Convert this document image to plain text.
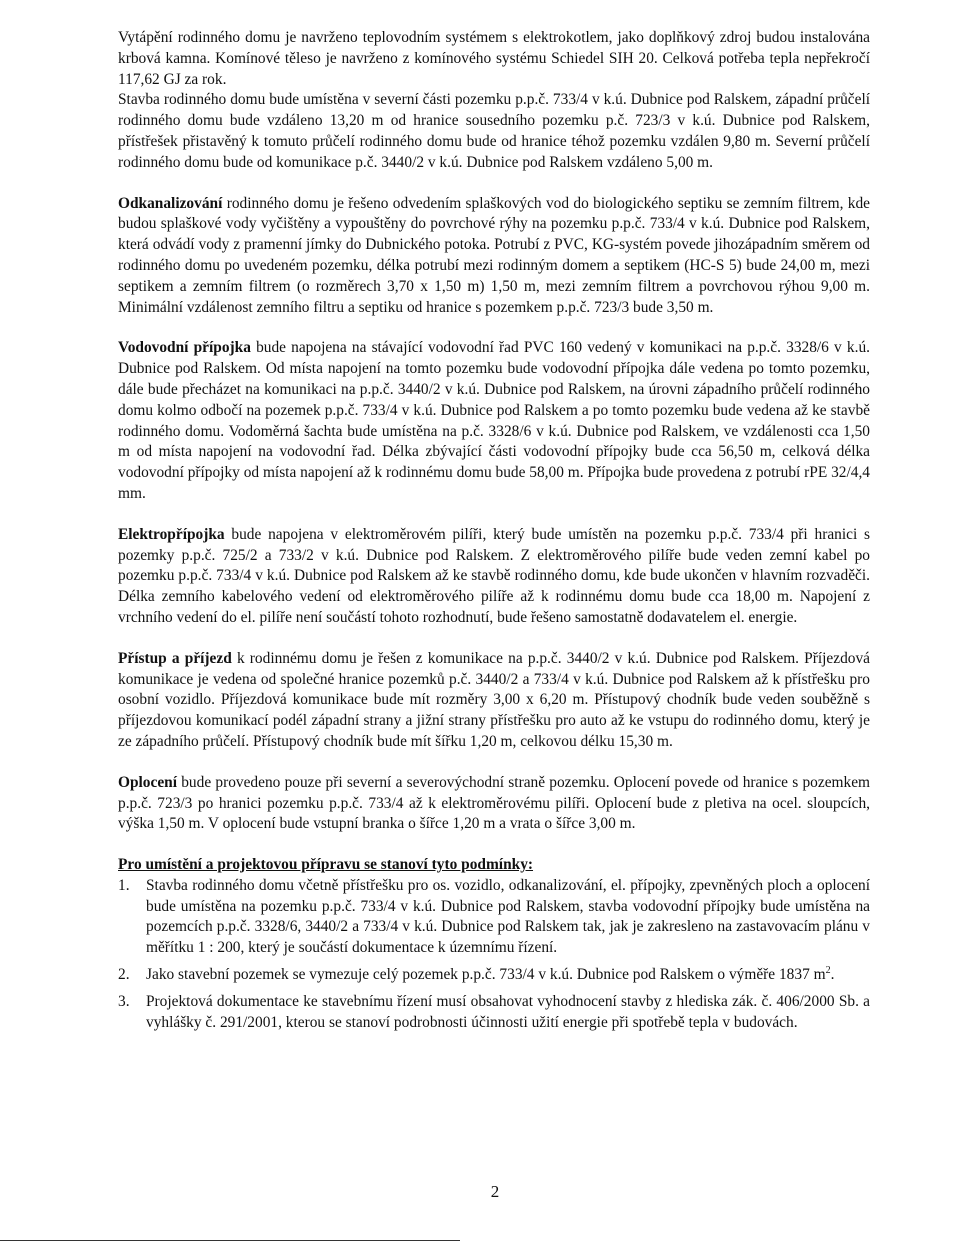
Vytápění rodinného domu je navrženo teplovodním systémem s elektrokotlem, jako doplňkový zdroj budou instalována krbová kamna. Komínové těleso je navrženo z komínového systému Schiedel SIH 20. Celková potřeba tepla nepřekročí 117,62 GJ za rok.

Stavba rodinného domu bude umístěna v severní části pozemku p.p.č. 733/4 v k.ú. Dubnice pod Ralskem, západní průčelí rodinného domu bude vzdáleno 13,20 m od hranice sousedního pozemku p.č. 723/3 v k.ú. Dubnice pod Ralskem, přístřešek přistavěný k tomuto průčelí rodinného domu bude od hranice téhož pozemku vzdálen 9,80 m. Severní průčelí rodinného domu bude od komunikace p.č. 3440/2 v k.ú. Dubnice pod Ralskem vzdáleno 5,00 m.

Odkanalizování rodinného domu je řešeno odvedením splaškových vod do biologického septiku se zemním filtrem, kde budou splaškové vody vyčištěny a vypouštěny do povrchové rýhy na pozemku p.p.č. 733/4 v k.ú. Dubnice pod Ralskem, která odvádí vody z pramenní jímky do Dubnického potoka. Potrubí z PVC, KG-systém povede jihozápadním směrem od rodinného domu po uvedeném pozemku, délka potrubí mezi rodinným domem a septikem (HC-S 5) bude 24,00 m, mezi septikem a zemním filtrem (o rozměrech 3,70 x 1,50 m) 1,50 m, mezi zemním filtrem a povrchovou rýhou 9,00 m. Minimální vzdálenost zemního filtru a septiku od hranice s pozemkem p.p.č. 723/3 bude 3,50 m.

Vodovodní přípojka bude napojena na stávající vodovodní řad PVC 160 vedený v komunikaci na p.p.č. 3328/6 v k.ú. Dubnice pod Ralskem. Od místa napojení na tomto pozemku bude vodovodní přípojka dále vedena po tomto pozemku, dále bude přecházet na komunikaci na p.p.č. 3440/2 v k.ú. Dubnice pod Ralskem, na úrovni západního průčelí rodinného domu kolmo odbočí na pozemek p.p.č. 733/4 v k.ú. Dubnice pod Ralskem a po tomto pozemku bude vedena až ke stavbě rodinného domu. Vodoměrná šachta bude umístěna na p.č. 3328/6 v k.ú. Dubnice pod Ralskem, ve vzdálenosti cca 1,50 m od místa napojení na vodovodní řad. Délka zbývající části vodovodní přípojky bude cca 56,50 m, celková délka vodovodní přípojky od místa napojení až k rodinnému domu bude 58,00 m. Přípojka bude provedena z potrubí rPE 32/4,4 mm.

Elektropřípojka bude napojena v elektroměrovém pilíři, který bude umístěn na pozemku p.p.č. 733/4 při hranici s pozemky p.p.č. 725/2 a 733/2 v k.ú. Dubnice pod Ralskem. Z elektroměrového pilíře bude veden zemní kabel po pozemku p.p.č. 733/4 v k.ú. Dubnice pod Ralskem až ke stavbě rodinného domu, kde bude ukončen v hlavním rozvaděči. Délka zemního kabelového vedení od elektroměrového pilíře až k rodinnému domu bude cca 18,00 m. Napojení z vrchního vedení do el. pilíře není součástí tohoto rozhodnutí, bude řešeno samostatně dodavatelem el. energie.

Přístup a příjezd k rodinnému domu je řešen z komunikace na p.p.č. 3440/2 v k.ú. Dubnice pod Ralskem. Příjezdová komunikace je vedena od společné hranice pozemků p.č. 3440/2 a 733/4 v k.ú. Dubnice pod Ralskem až k přístřešku pro osobní vozidlo. Příjezdová komunikace bude mít rozměry 3,00 x 6,20 m. Přístupový chodník bude veden souběžně s příjezdovou komunikací podél západní strany a jižní strany přístřešku pro auto až ke vstupu do rodinného domu, který je ze západního průčelí. Přístupový chodník bude mít šířku 1,20 m, celkovou délku 15,30 m.

Oplocení bude provedeno pouze při severní a severovýchodní straně pozemku. Oplocení povede od hranice s pozemkem p.p.č. 723/3 po hranici pozemku p.p.č. 733/4 až k elektroměrovému pilíři. Oplocení bude z pletiva na ocel. sloupcích, výška 1,50 m. V oplocení bude vstupní branka o šířce 1,20 m a vrata o šířce 3,00 m.

Pro umístění a projektovou přípravu se stanoví tyto podmínky:

1. Stavba rodinného domu včetně přístřešku pro os. vozidlo, odkanalizování, el. přípojky, zpevněných ploch a oplocení bude umístěna na pozemku p.p.č. 733/4 v k.ú. Dubnice pod Ralskem, stavba vodovodní přípojky bude umístěna na pozemcích p.p.č. 3328/6, 3440/2 a 733/4 v k.ú. Dubnice pod Ralskem tak, jak je zakresleno na zastavovacím plánu v měřítku 1 : 200, který je součástí dokumentace k územnímu řízení.
2. Jako stavební pozemek se vymezuje celý pozemek p.p.č. 733/4 v k.ú. Dubnice pod Ralskem o výměře 1837 $m^2$.
3. Projektová dokumentace ke stavebnímu řízení musí obsahovat vyhodnocení stavby z hlediska zák. č. 406/2000 Sb. a vyhlášky č. 291/2001, kterou se stanoví podrobnosti účinnosti užití energie při spotřebě tepla v budovách.
2
